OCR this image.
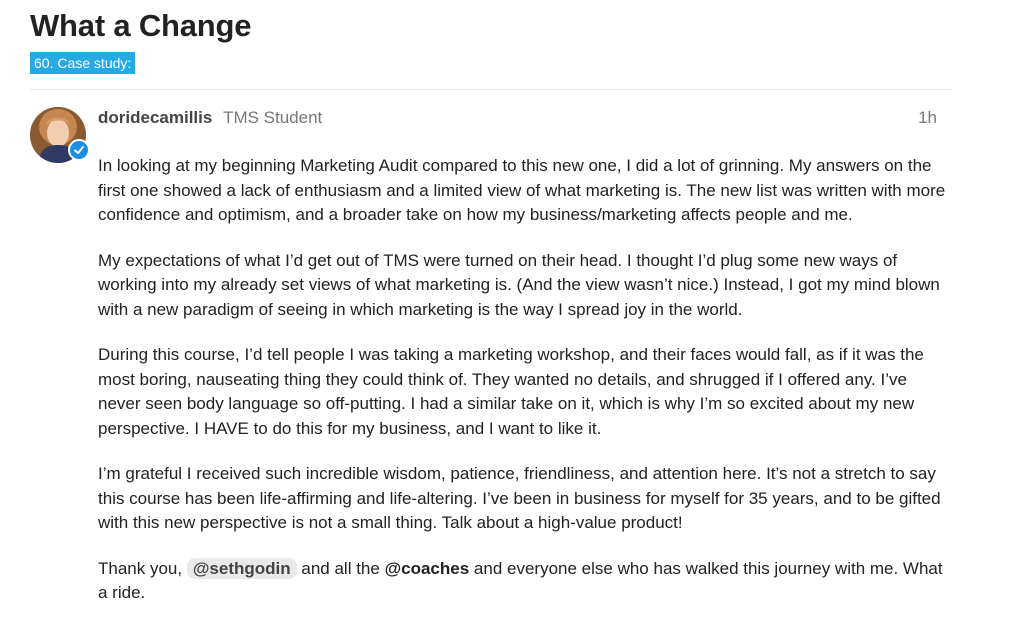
What a Change
60. Case study:
doridecamillis TMS Student	1h

In looking at my beginning Marketing Audit compared to this new one, I did a lot of grinning. My answers on the first one showed a lack of enthusiasm and a limited view of what marketing is. The new list was written with more confidence and optimism, and a broader take on how my business/marketing affects people and me.

My expectations of what I’d get out of TMS were turned on their head. I thought I’d plug some new ways of working into my already set views of what marketing is. (And the view wasn’t nice.) Instead, I got my mind blown with a new paradigm of seeing in which marketing is the way I spread joy in the world.

During this course, I’d tell people I was taking a marketing workshop, and their faces would fall, as if it was the most boring, nauseating thing they could think of. They wanted no details, and shrugged if I offered any. I’ve never seen body language so off-putting. I had a similar take on it, which is why I’m so excited about my new perspective. I HAVE to do this for my business, and I want to like it.

I’m grateful I received such incredible wisdom, patience, friendliness, and attention here. It’s not a stretch to say this course has been life-affirming and life-altering. I’ve been in business for myself for 35 years, and to be gifted with this new perspective is not a small thing. Talk about a high-value product!

Thank you, @sethgodin and all the @coaches and everyone else who has walked this journey with me. What a ride.
